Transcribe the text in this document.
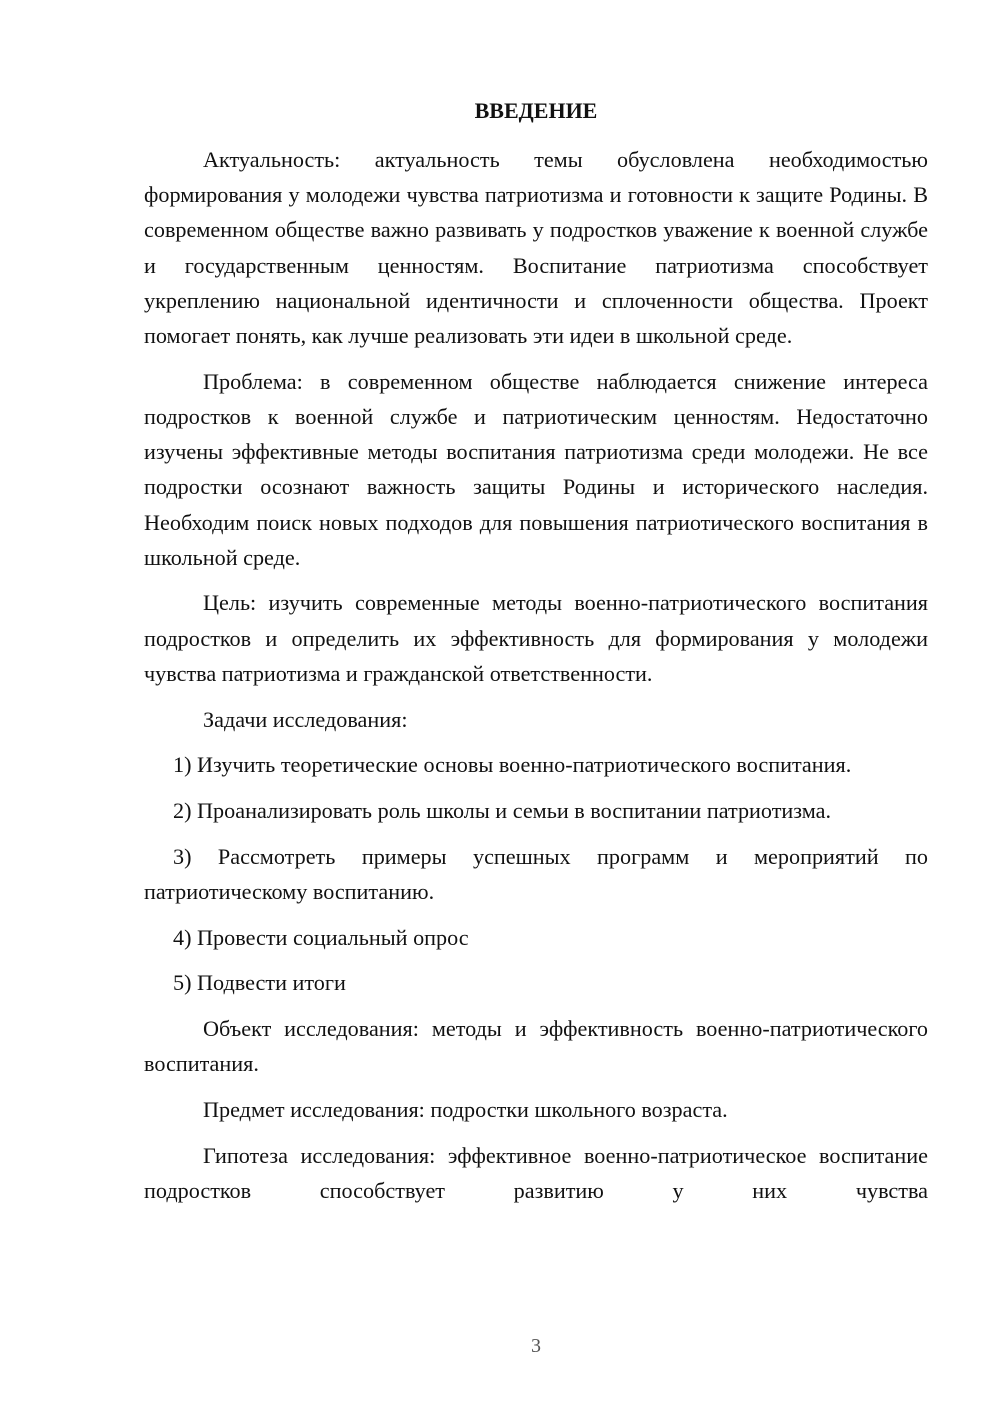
ВВЕДЕНИЕ

Актуальность: актуальность темы обусловлена необходимостью формирования у молодежи чувства патриотизма и готовности к защите Родины. В современном обществе важно развивать у подростков уважение к военной службе и государственным ценностям. Воспитание патриотизма способствует укреплению национальной идентичности и сплоченности общества. Проект помогает понять, как лучше реализовать эти идеи в школьной среде.

Проблема: в современном обществе наблюдается снижение интереса подростков к военной службе и патриотическим ценностям. Недостаточно изучены эффективные методы воспитания патриотизма среди молодежи. Не все подростки осознают важность защиты Родины и исторического наследия. Необходим поиск новых подходов для повышения патриотического воспитания в школьной среде.

Цель: изучить современные методы военно-патриотического воспитания подростков и определить их эффективность для формирования у молодежи чувства патриотизма и гражданской ответственности.

Задачи исследования:

1) Изучить теоретические основы военно-патриотического воспитания.

2) Проанализировать роль школы и семьи в воспитании патриотизма.

3) Рассмотреть примеры успешных программ и мероприятий по патриотическому воспитанию.

4) Провести социальный опрос

5) Подвести итоги

Объект исследования: методы и эффективность военно-патриотического воспитания.

Предмет исследования: подростки школьного возраста.

Гипотеза исследования: эффективное военно-патриотическое воспитание подростков способствует развитию у них чувства

3
